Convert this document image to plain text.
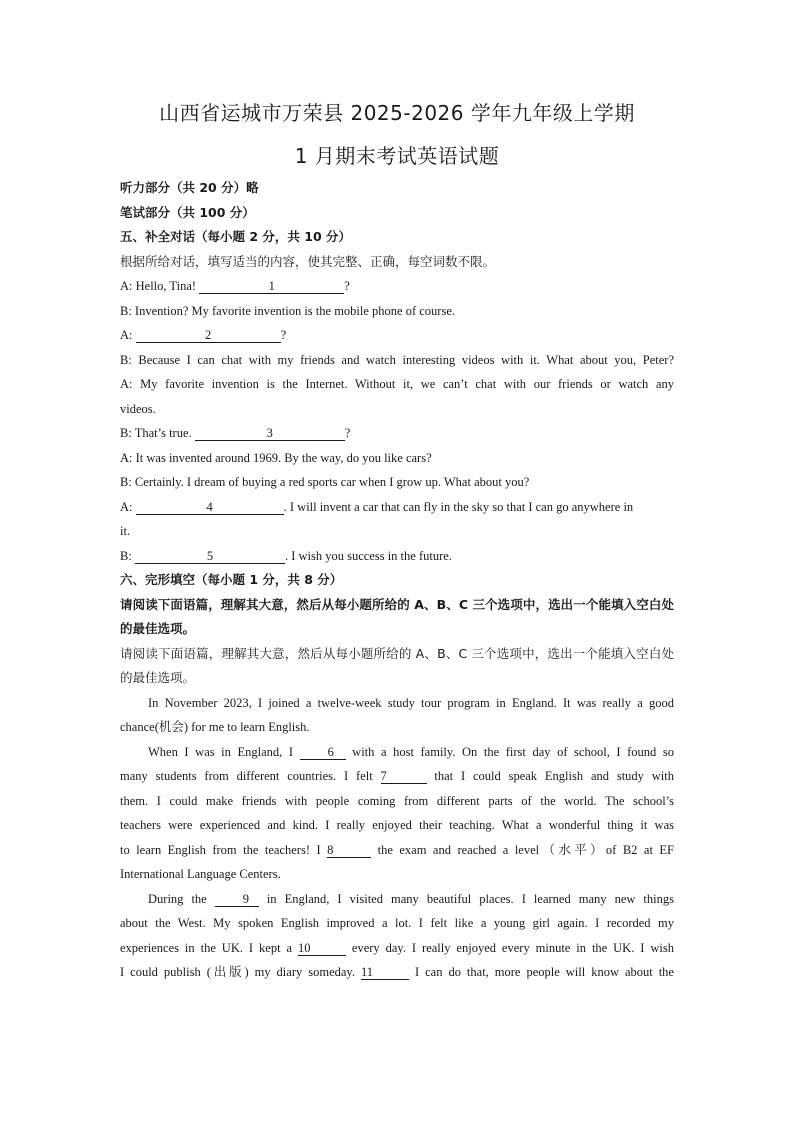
山西省运城市万荣县 2025-2026 学年九年级上学期
1 月期末考试英语试题
听力部分（共 20 分）略
笔试部分（共 100 分）
五、补全对话（每小题 2 分，共 10 分）
根据所给对话，填写适当的内容，使其完整、正确，每空词数不限。
A: Hello, Tina!	1	?
B: Invention? My favorite invention is the mobile phone of course.
A:	2	?
B: Because I can chat with my friends and watch interesting videos with it. What about you, Peter?
A: My favorite invention is the Internet. Without it, we can’t chat with our friends or watch any
videos.
B: That’s true.	3	?
A: It was invented around 1969. By the way, do you like cars?
B: Certainly. I dream of buying a red sports car when I grow up. What about you?
A:	4	. I will invent a car that can fly in the sky so that I can go anywhere in
it.
B:	5	. I wish you success in the future.
六、完形填空（每小题 1 分，共 8 分）
请阅读下面语篇，理解其大意，然后从每小题所给的 A、B、C 三个选项中，选出一个能填入空白处的最佳选项。
请阅读下面语篇，理解其大意，然后从每小题所给的 A、B、C 三个选项中，选出一个能填入空白处的最佳选项。
In November 2023, I joined a twelve-week study tour program in England. It was really a good
chance(机会) for me to learn English.
When I was in England, I 6 with a host family. On the first day of school, I found so
many students from different countries. I felt 7	that I could speak English and study with
them. I could make friends with people coming from different parts of the world. The school’s
teachers were experienced and kind. I really enjoyed their teaching. What a wonderful thing it was
to learn English from the teachers! I 8	the exam and reached a level（水平）of B2 at EF
International Language Centers.
During the 9 in England, I visited many beautiful places. I learned many new things
about the West. My spoken English improved a lot. I felt like a young girl again. I recorded my
experiences in the UK. I kept a 10	every day. I really enjoyed every minute in the UK. I wish
I could publish (出版) my diary someday. 11	I can do that, more people will know about the
